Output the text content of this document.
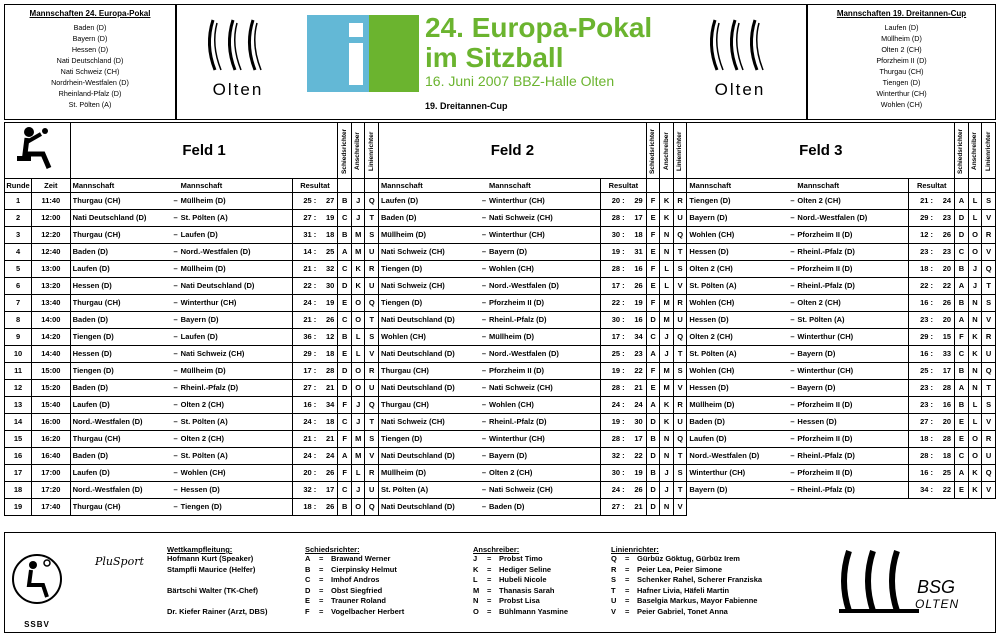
Mannschaften 24. Europa-Pokal
Baden (D)
Bayern (D)
Hessen (D)
Nati Deutschland (D)
Nati Schweiz (CH)
Nordrhein-Westfalen (D)
Rheinland-Pfalz (D)
St. Pölten (A)
Olten
24. Europa-Pokal
im Sitzball
16. Juni 2007 BBZ-Halle Olten
19. Dreitannen-Cup
Olten
Mannschaften 19. Dreitannen-Cup
Laufen (D)
Müllheim (D)
Olten 2 (CH)
Pforzheim II (D)
Thurgau (CH)
Tiengen (D)
Winterthur (CH)
Wohlen (CH)
	Feld 1		Schiedsrichter	Anschreiber	Linienrichter	Feld 2		Schiedsrichter	Anschreiber	Linienrichter	Feld 3		Schiedsrichter	Anschreiber	Linienrichter

Runde	Zeit	Mannschaft Mannschaft	Resultat				Mannschaft Mannschaft	Resultat				Mannschaft Mannschaft	Resultat			
1	11:40	Thurgau (CH) – Müllheim (D)	25 : 27	B	J	Q	Laufen (D) – Winterthur (CH)	20 : 29	F	K	R	Tiengen (D) – Olten 2 (CH)	21 : 24	A	L	S
2	12:00	Nati Deutschland (D) – St. Pölten (A)	27 : 19	C	J	T	Baden (D) – Nati Schweiz (CH)	28 : 17	E	K	U	Bayern (D) – Nord.-Westfalen (D)	29 : 23	D	L	V
3	12:20	Thurgau (CH) – Laufen (D)	31 : 18	B	M	S	Müllheim (D) – Winterthur (CH)	30 : 18	F	N	Q	Wohlen (CH) – Pforzheim II (D)	12 : 26	D	O	R
4	12:40	Baden (D) – Nord.-Westfalen (D)	14 : 25	A	M	U	Nati Schweiz (CH) – Bayern (D)	19 : 31	E	N	T	Hessen (D) – Rheinl.-Pfalz (D)	23 : 23	C	O	V
5	13:00	Laufen (D) – Müllheim (D)	21 : 32	C	K	R	Tiengen (D) – Wohlen (CH)	28 : 16	F	L	S	Olten 2 (CH) – Pforzheim II (D)	18 : 20	B	J	Q
6	13:20	Hessen (D) – Nati Deutschland (D)	22 : 30	D	K	U	Nati Schweiz (CH) – Nord.-Westfalen (D)	17 : 26	E	L	V	St. Pölten (A) – Rheinl.-Pfalz (D)	22 : 22	A	J	T
7	13:40	Thurgau (CH) – Winterthur (CH)	24 : 19	E	O	Q	Tiengen (D) – Pforzheim II (D)	22 : 19	F	M	R	Wohlen (CH) – Olten 2 (CH)	16 : 26	B	N	S
8	14:00	Baden (D) – Bayern (D)	21 : 26	C	O	T	Nati Deutschland (D) – Rheinl.-Pfalz (D)	30 : 16	D	M	U	Hessen (D) – St. Pölten (A)	23 : 20	A	N	V
9	14:20	Tiengen (D) – Laufen (D)	36 : 12	B	L	S	Wohlen (CH) – Müllheim (D)	17 : 34	C	J	Q	Olten 2 (CH) – Winterthur (CH)	29 : 15	F	K	R
10	14:40	Hessen (D) – Nati Schweiz (CH)	29 : 18	E	L	V	Nati Deutschland (D) – Nord.-Westfalen (D)	25 : 23	A	J	T	St. Pölten (A) – Bayern (D)	16 : 33	C	K	U
11	15:00	Tiengen (D) – Müllheim (D)	17 : 28	D	O	R	Thurgau (CH) – Pforzheim II (D)	19 : 22	F	M	S	Wohlen (CH) – Winterthur (CH)	25 : 17	B	N	Q
12	15:20	Baden (D) – Rheinl.-Pfalz (D)	27 : 21	D	O	U	Nati Deutschland (D) – Nati Schweiz (CH)	28 : 21	E	M	V	Hessen (D) – Bayern (D)	23 : 28	A	N	T
13	15:40	Laufen (D) – Olten 2 (CH)	16 : 34	F	J	Q	Thurgau (CH) – Wohlen (CH)	24 : 24	A	K	R	Müllheim (D) – Pforzheim II (D)	23 : 16	B	L	S
14	16:00	Nord.-Westfalen (D) – St. Pölten (A)	24 : 18	C	J	T	Nati Schweiz (CH) – Rheinl.-Pfalz (D)	19 : 30	D	K	U	Baden (D) – Hessen (D)	27 : 20	E	L	V
15	16:20	Thurgau (CH) – Olten 2 (CH)	21 : 21	F	M	S	Tiengen (D) – Winterthur (CH)	28 : 17	B	N	Q	Laufen (D) – Pforzheim II (D)	18 : 28	E	O	R
16	16:40	Baden (D) – St. Pölten (A)	24 : 24	A	M	V	Nati Deutschland (D) – Bayern (D)	32 : 22	D	N	T	Nord.-Westfalen (D) – Rheinl.-Pfalz (D)	28 : 18	C	O	U
17	17:00	Laufen (D) – Wohlen (CH)	20 : 26	F	L	R	Müllheim (D) – Olten 2 (CH)	30 : 19	B	J	S	Winterthur (CH) – Pforzheim II (D)	16 : 25	A	K	Q
18	17:20	Nord.-Westfalen (D) – Hessen (D)	32 : 17	C	J	U	St. Pölten (A) – Nati Schweiz (CH)	24 : 26	D	J	T	Bayern (D) – Rheinl.-Pfalz (D)	34 : 22	E	K	V
19	17:40	Thurgau (CH) – Tiengen (D)	18 : 26	B	O	Q	Nati Deutschland (D) – Baden (D)	27 : 21	D	N	V					
SSBV
PluSport
Wettkampfleitung:
Hofmann Kurt (Speaker)
Stampfli Maurice (Helfer)

Bärtschi Walter (TK-Chef)

Dr. Kiefer Rainer (Arzt, DBS)
Schiedsrichter:
A = Brawand Werner
B = Cierpinsky Helmut
C = Imhof Andros
D = Obst Siegfried
E = Trauner Roland
F = Vogelbacher Herbert
Anschreiber:
J = Probst Timo
K = Hediger Seline
L = Hubeli Nicole
M = Thanasis Sarah
N = Probst Lisa
O = Bühlmann Yasmine
Linienrichter:
Q = Gürbüz Göktug, Gürbüz Irem
R = Peier Lea, Peier Simone
S = Schenker Rahel, Scherer Franziska
T = Hafner Livia, Häfeli Martin
U = Baselgia Markus, Mayor Fabienne
V = Peier Gabriel, Tonet Anna
BSG
OLTEN
